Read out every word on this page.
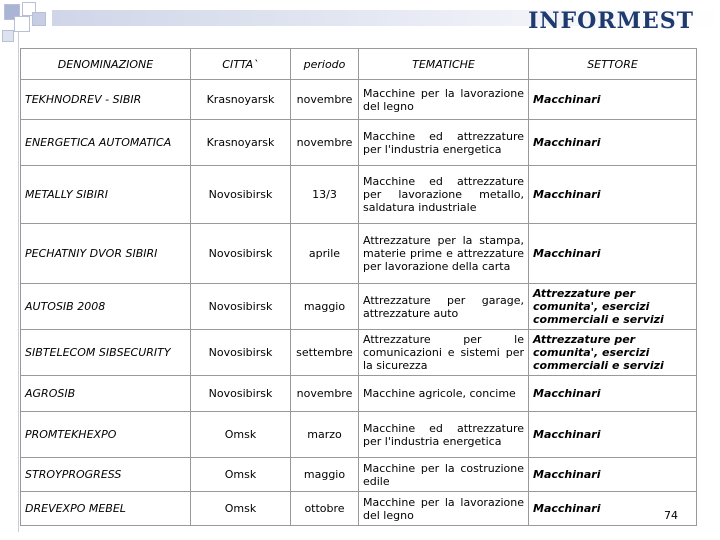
INFORMEST
DENOMINAZIONE	CITTA`	periodo	TEMATICHE	SETTORE
TEKHNODREV - SIBIR	Krasnoyarsk	novembre	Macchine per la lavorazione del legno	Macchinari
ENERGETICA AUTOMATICA	Krasnoyarsk	novembre	Macchine ed attrezzature per l'industria energetica	Macchinari
METALLY SIBIRI	Novosibirsk	13/3	Macchine ed attrezzature per lavorazione metallo, saldatura industriale	Macchinari
PECHATNIY DVOR SIBIRI	Novosibirsk	aprile	Attrezzature per la stampa, materie prime e attrezzature per lavorazione della carta	Macchinari
AUTOSIB 2008	Novosibirsk	maggio	Attrezzature per garage, attrezzature auto	Attrezzature per comunita', esercizi commerciali e servizi
SIBTELECOM SIBSECURITY	Novosibirsk	settembre	Attrezzature per le comunicazioni e sistemi per la sicurezza	Attrezzature per comunita', esercizi commerciali e servizi
AGROSIB	Novosibirsk	novembre	Macchine agricole, concime	Macchinari
PROMTEKHEXPO	Omsk	marzo	Macchine ed attrezzature per l'industria energetica	Macchinari
STROYPROGRESS	Omsk	maggio	Macchine per la costruzione edile	Macchinari
DREVEXPO MEBEL	Omsk	ottobre	Macchine per la lavorazione del legno	Macchinari
74
